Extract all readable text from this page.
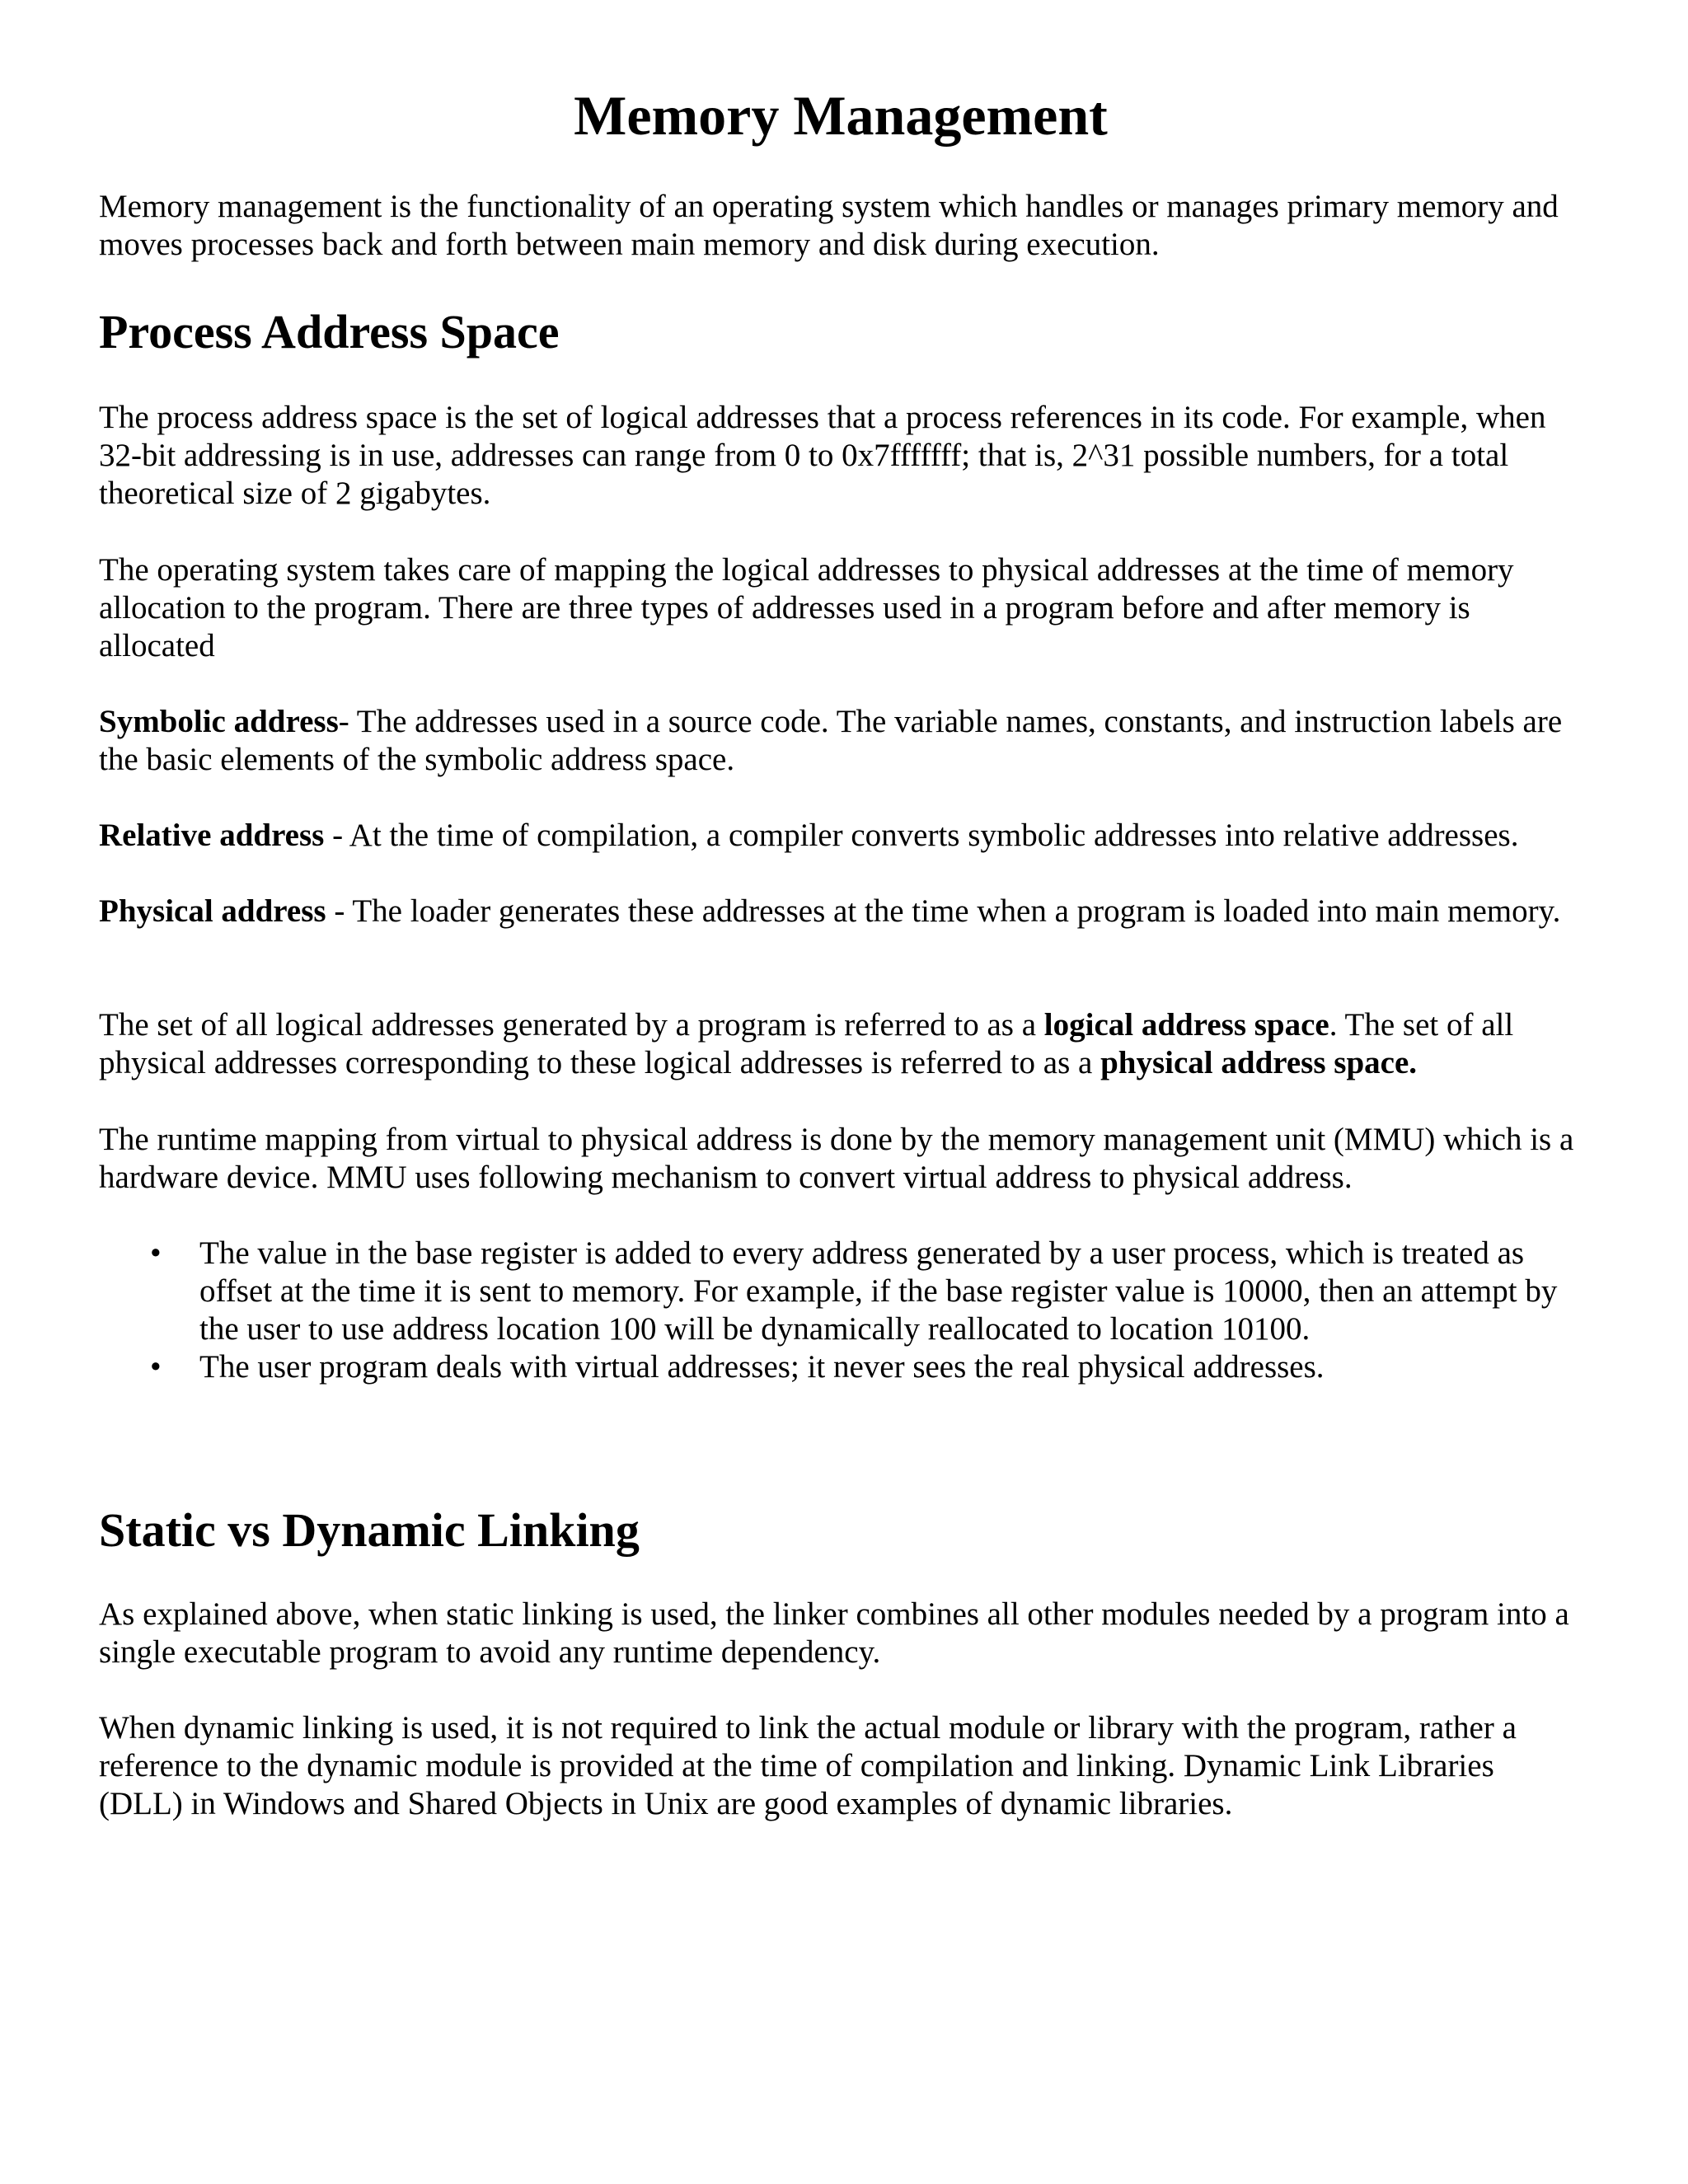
Memory Management

Memory management is the functionality of an operating system which handles or manages primary memory and moves processes back and forth between main memory and disk during execution.

Process Address Space

The process address space is the set of logical addresses that a process references in its code. For example, when 32-bit addressing is in use, addresses can range from 0 to 0x7fffffff; that is, 2^31 possible numbers, for a total theoretical size of 2 gigabytes.

The operating system takes care of mapping the logical addresses to physical addresses at the time of memory allocation to the program. There are three types of addresses used in a program before and after memory is allocated

Symbolic address- The addresses used in a source code. The variable names, constants, and instruction labels are the basic elements of the symbolic address space.

Relative address - At the time of compilation, a compiler converts symbolic addresses into relative addresses.

Physical address - The loader generates these addresses at the time when a program is loaded into main memory.

The set of all logical addresses generated by a program is referred to as a logical address space. The set of all physical addresses corresponding to these logical addresses is referred to as a physical address space.

The runtime mapping from virtual to physical address is done by the memory management unit (MMU) which is a hardware device. MMU uses following mechanism to convert virtual address to physical address.

•	The value in the base register is added to every address generated by a user process, which is treated as offset at the time it is sent to memory. For example, if the base register value is 10000, then an attempt by the user to use address location 100 will be dynamically reallocated to location 10100.
•	The user program deals with virtual addresses; it never sees the real physical addresses.
Static vs Dynamic Linking

As explained above, when static linking is used, the linker combines all other modules needed by a program into a single executable program to avoid any runtime dependency.

When dynamic linking is used, it is not required to link the actual module or library with the program, rather a reference to the dynamic module is provided at the time of compilation and linking. Dynamic Link Libraries (DLL) in Windows and Shared Objects in Unix are good examples of dynamic libraries.
